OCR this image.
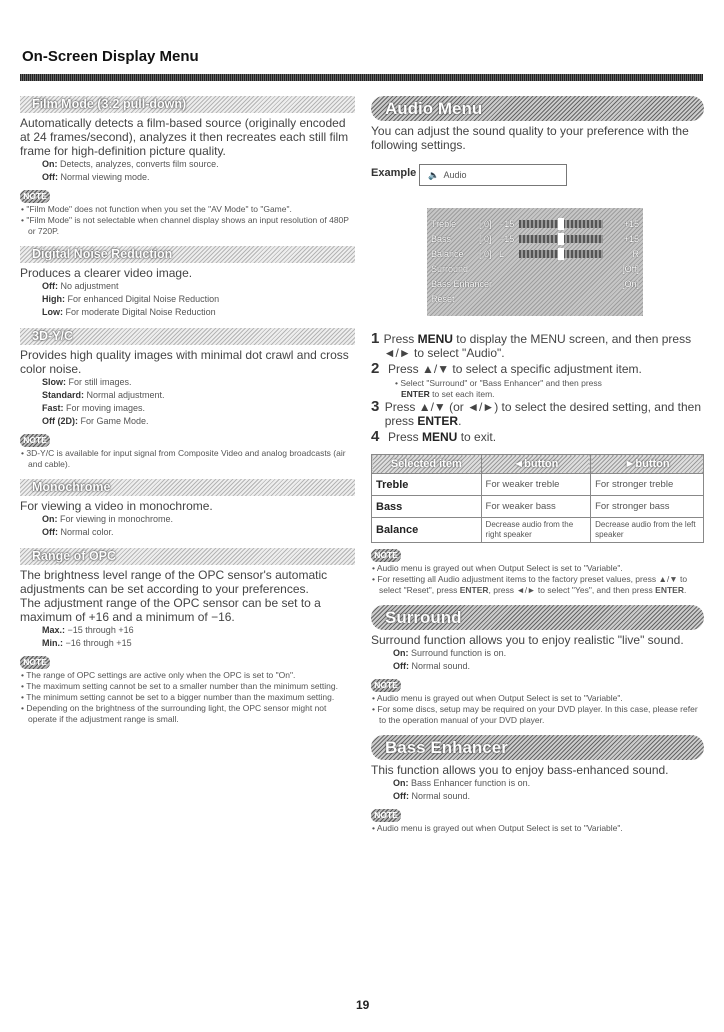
On-Screen Display Menu
Film Mode (3:2 pull-down)

Automatically detects a film-based source (originally encoded at 24 frames/second), analyzes it then recreates each still film frame for high-definition picture quality.

On: Detects, analyzes, converts film source.
Off: Normal viewing mode.
NOTE

• "Film Mode" does not function when you set the "AV Mode" to "Game".

• "Film Mode" is not selectable when channel display shows an input resolution of 480P or 720P.

Digital Noise Reduction

Produces a clearer video image.

Off: No adjustment
High: For enhanced Digital Noise Reduction
Low: For moderate Digital Noise Reduction
3D-Y/C

Provides high quality images with minimal dot crawl and cross color noise.

Slow: For still images.
Standard: Normal adjustment.
Fast: For moving images.
Off (2D): For Game Mode.
NOTE

• 3D-Y/C is available for input signal from Composite Video and analog broadcasts (air and cable).

Monochrome

For viewing a video in monochrome.

On: For viewing in monochrome.
Off: Normal color.
Range of OPC

The brightness level range of the OPC sensor's automatic adjustments can be set according to your preferences.

The adjustment range of the OPC sensor can be set to a maximum of +16 and a minimum of −16.

Max.: −15 through +16
Min.: −16 through +15
NOTE

• The range of OPC settings are active only when the OPC is set to "On".

• The maximum setting cannot be set to a smaller number than the minimum setting.

• The minimum setting cannot be set to a bigger number than the maximum setting.

• Depending on the brightness of the surrounding light, the OPC sensor might not operate if the adjustment range is small.

Audio Menu

You can adjust the sound quality to your preference with the following settings.

Example 🔈 Audio
Treble	[ 0] −15	+15
Bass	[ 0] −15	+15
Balance	[ 0] L	R
Surround	[Off]
Bass Enhancer	[On]
Reset
1 Press MENU to display the MENU screen, and then press ◄/► to select "Audio".
2 Press ▲/▼ to select a specific adjustment item.
• Select "Surround" or "Bass Enhancer" and then press
ENTER to set each item.
3 Press ▲/▼ (or ◄/►) to select the desired setting, and then press ENTER.
4 Press MENU to exit.
Selected item	◄button	►button
Treble	For weaker treble	For stronger treble
Bass	For weaker bass	For stronger bass
Balance	Decrease audio from the right speaker	Decrease audio from the left speaker
NOTE

• Audio menu is grayed out when Output Select is set to "Variable".

• For resetting all Audio adjustment items to the factory preset values, press ▲/▼ to select "Reset", press ENTER, press ◄/► to select "Yes", and then press ENTER.

Surround

Surround function allows you to enjoy realistic "live" sound.

On: Surround function is on.
Off: Normal sound.
NOTE

• Audio menu is grayed out when Output Select is set to "Variable".

• For some discs, setup may be required on your DVD player. In this case, please refer to the operation manual of your DVD player.

Bass Enhancer

This function allows you to enjoy bass-enhanced sound.

On: Bass Enhancer function is on.
Off: Normal sound.
NOTE

• Audio menu is grayed out when Output Select is set to "Variable".

19
